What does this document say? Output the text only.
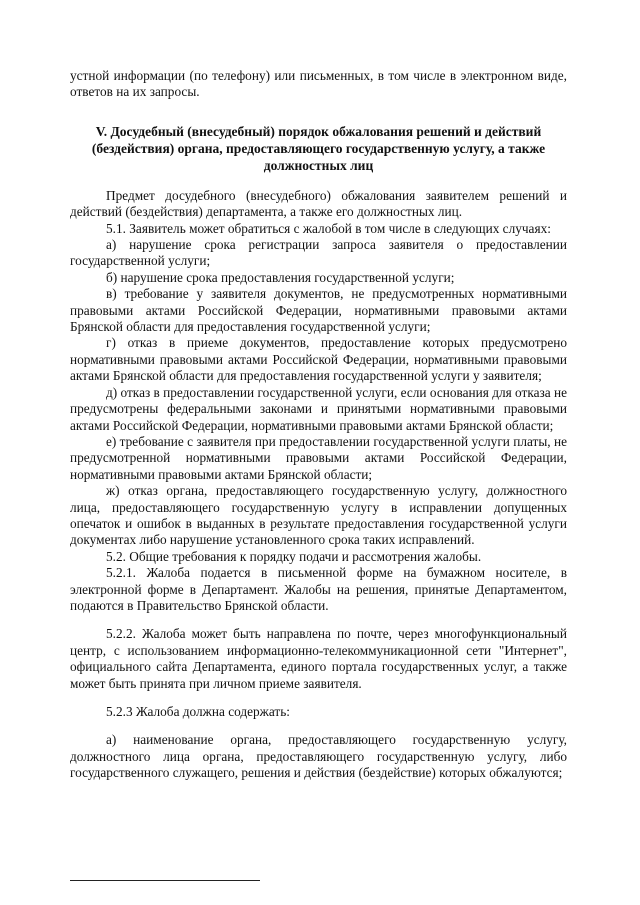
устной информации (по телефону) или письменных, в том числе в электронном виде, ответов на их запросы.

V. Досудебный (внесудебный) порядок обжалования решений и действий (бездействия) органа, предоставляющего государственную услугу, а также должностных лиц

Предмет досудебного (внесудебного) обжалования заявителем решений и действий (бездействия) департамента, а также его должностных лиц.

5.1. Заявитель может обратиться с жалобой в том числе в следующих случаях:

а) нарушение срока регистрации запроса заявителя о предоставлении государственной услуги;

б) нарушение срока предоставления государственной услуги;

в) требование у заявителя документов, не предусмотренных нормативными правовыми актами Российской Федерации, нормативными правовыми актами Брянской области для предоставления государственной услуги;

г) отказ в приеме документов, предоставление которых предусмотрено нормативными правовыми актами Российской Федерации, нормативными правовыми актами Брянской области для предоставления государственной услуги у заявителя;

д) отказ в предоставлении государственной услуги, если основания для отказа не предусмотрены федеральными законами и принятыми нормативными правовыми актами Российской Федерации, нормативными правовыми актами Брянской области;

е) требование с заявителя при предоставлении государственной услуги платы, не предусмотренной нормативными правовыми актами Российской Федерации, нормативными правовыми актами Брянской области;

ж) отказ органа, предоставляющего государственную услугу, должностного лица, предоставляющего государственную услугу в исправлении допущенных опечаток и ошибок в выданных в результате предоставления государственной услуги документах либо нарушение установленного срока таких исправлений.

5.2. Общие требования к порядку подачи и рассмотрения жалобы.

5.2.1. Жалоба подается в письменной форме на бумажном носителе, в электронной форме в Департамент. Жалобы на решения, принятые Департаментом, подаются в Правительство Брянской области.

5.2.2. Жалоба может быть направлена по почте, через многофункциональный центр, с использованием информационно-телекоммуникационной сети "Интернет", официального сайта Департамента, единого портала государственных услуг, а также может быть принята при личном приеме заявителя.

5.2.3 Жалоба должна содержать:

а) наименование органа, предоставляющего государственную услугу, должностного лица органа, предоставляющего государственную услугу, либо государственного служащего, решения и действия (бездействие) которых обжалуются;
